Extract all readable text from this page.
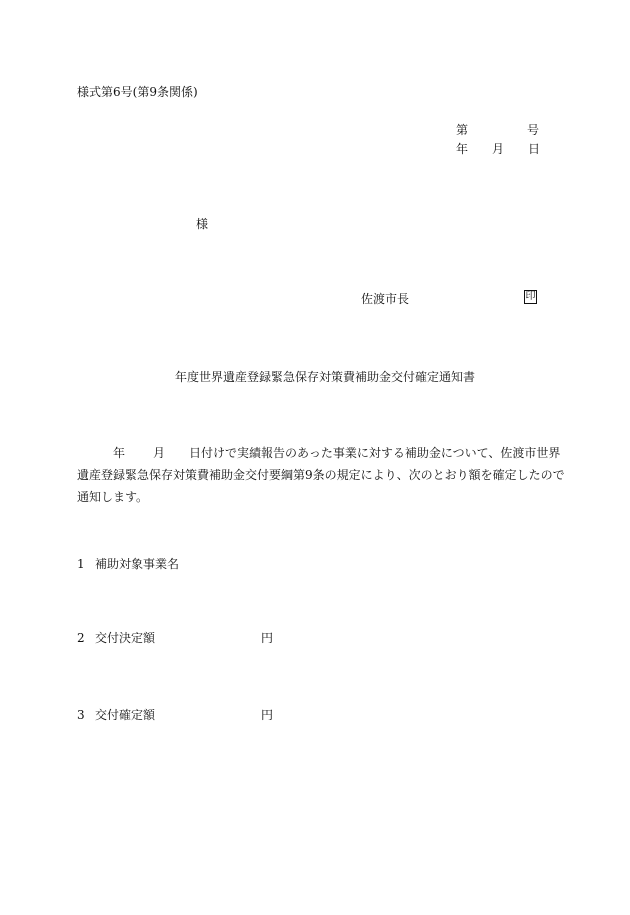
様式第6号(第9条関係)
第	号
年 月 日
様
佐渡市長	印
年度世界遺産登録緊急保存対策費補助金交付確定通知書
年 月 日付けで実績報告のあった事業に対する補助金について、佐渡市世界
遺産登録緊急保存対策費補助金交付要綱第9条の規定により、次のとおり額を確定したので
通知します。
1 補助対象事業名
2 交付決定額	円
3 交付確定額	円
